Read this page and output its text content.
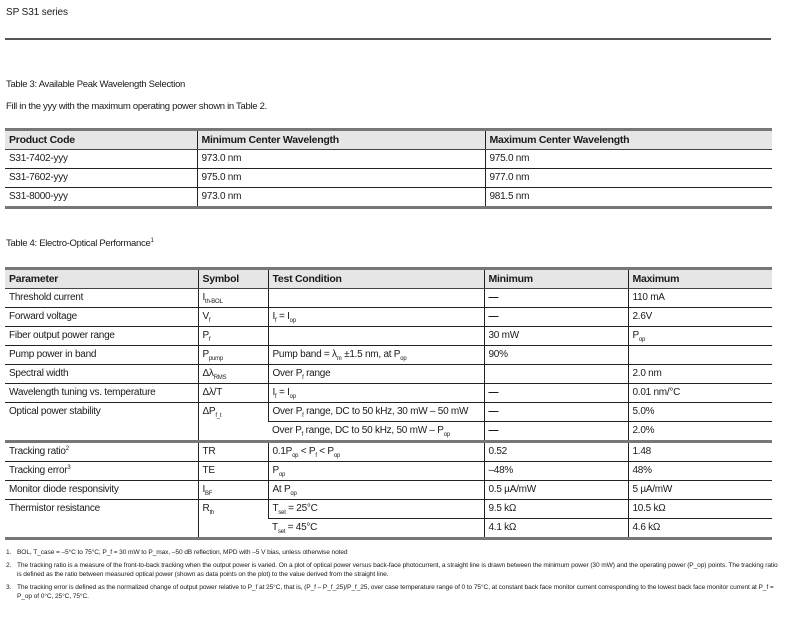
SP S31 series
Table 3: Available Peak Wavelength Selection
Fill in the yyy with the maximum operating power shown in Table 2.
Product Code	Minimum Center Wavelength	Maximum Center Wavelength
S31-7402-yyy	973.0 nm	975.0 nm
S31-7602-yyy	975.0 nm	977.0 nm
S31-8000-yyy	973.0 nm	981.5 nm
Table 4: Electro-Optical Performance$^1$
Parameter	Symbol	Test Condition	Minimum	Maximum
Threshold current	$I_{th-BOL}$		—	110 mA
Forward voltage	$V_f$	$I_f = I_{op}$	—	2.6V
Fiber output power range	$P_f$		30 mW	$P_{op}$
Pump power in band	$P_{pump}$	Pump band = $\lambda_m \pm 1.5$ nm, at $P_{op}$	90%	
Spectral width	$\Delta\lambda_{RMS}$	Over $P_f$ range		2.0 nm
Wavelength tuning vs. temperature	Δλ/T	$I_f = I_{op}$	—	0.01 nm/°C
Optical power stability	$\Delta P_{f\_t}$	Over $P_f$ range, DC to 50 kHz, 30 mW – 50 mW	—	5.0%
		Over $P_f$ range, DC to 50 kHz, 50 mW – $P_{op}$	—	2.0%
Tracking ratio$^2$	TR	$0.1P_{op} < P_f < P_{op}$	0.52	1.48
Tracking error$^3$	TE	$P_{op}$	–48%	48%
Monitor diode responsivity	$I_{BF}$	At $P_{op}$	0.5 µA/mW	5 µA/mW
Thermistor resistance	$R_{th}$	$T_{set} = 25^\circ C$	9.5 kΩ	10.5 kΩ
		$T_{set} = 45^\circ C$	4.1 kΩ	4.6 kΩ
1. BOL, T_case = –5°C to 75°C, P_f = 30 mW to P_max, –50 dB reflection, MPD with –5 V bias, unless otherwise noted
2. The tracking ratio is a measure of the front-to-back tracking when the output power is varied. On a plot of optical power versus back-face photocurrent, a straight line is drawn between the minimum power (30 mW) and the operating power (P_op) points. The tracking ratio is defined as the ratio between measured optical power (shown as data points on the plot) to the value derived from the straight line.
3. The tracking error is defined as the normalized change of output power relative to P_f at 25°C, that is, (P_f – P_f_25)/P_f_25, over case temperature range of 0 to 75°C, at constant back face monitor current corresponding to the lowest back face monitor current at P_f = P_op of 0°C, 25°C, 75°C.
